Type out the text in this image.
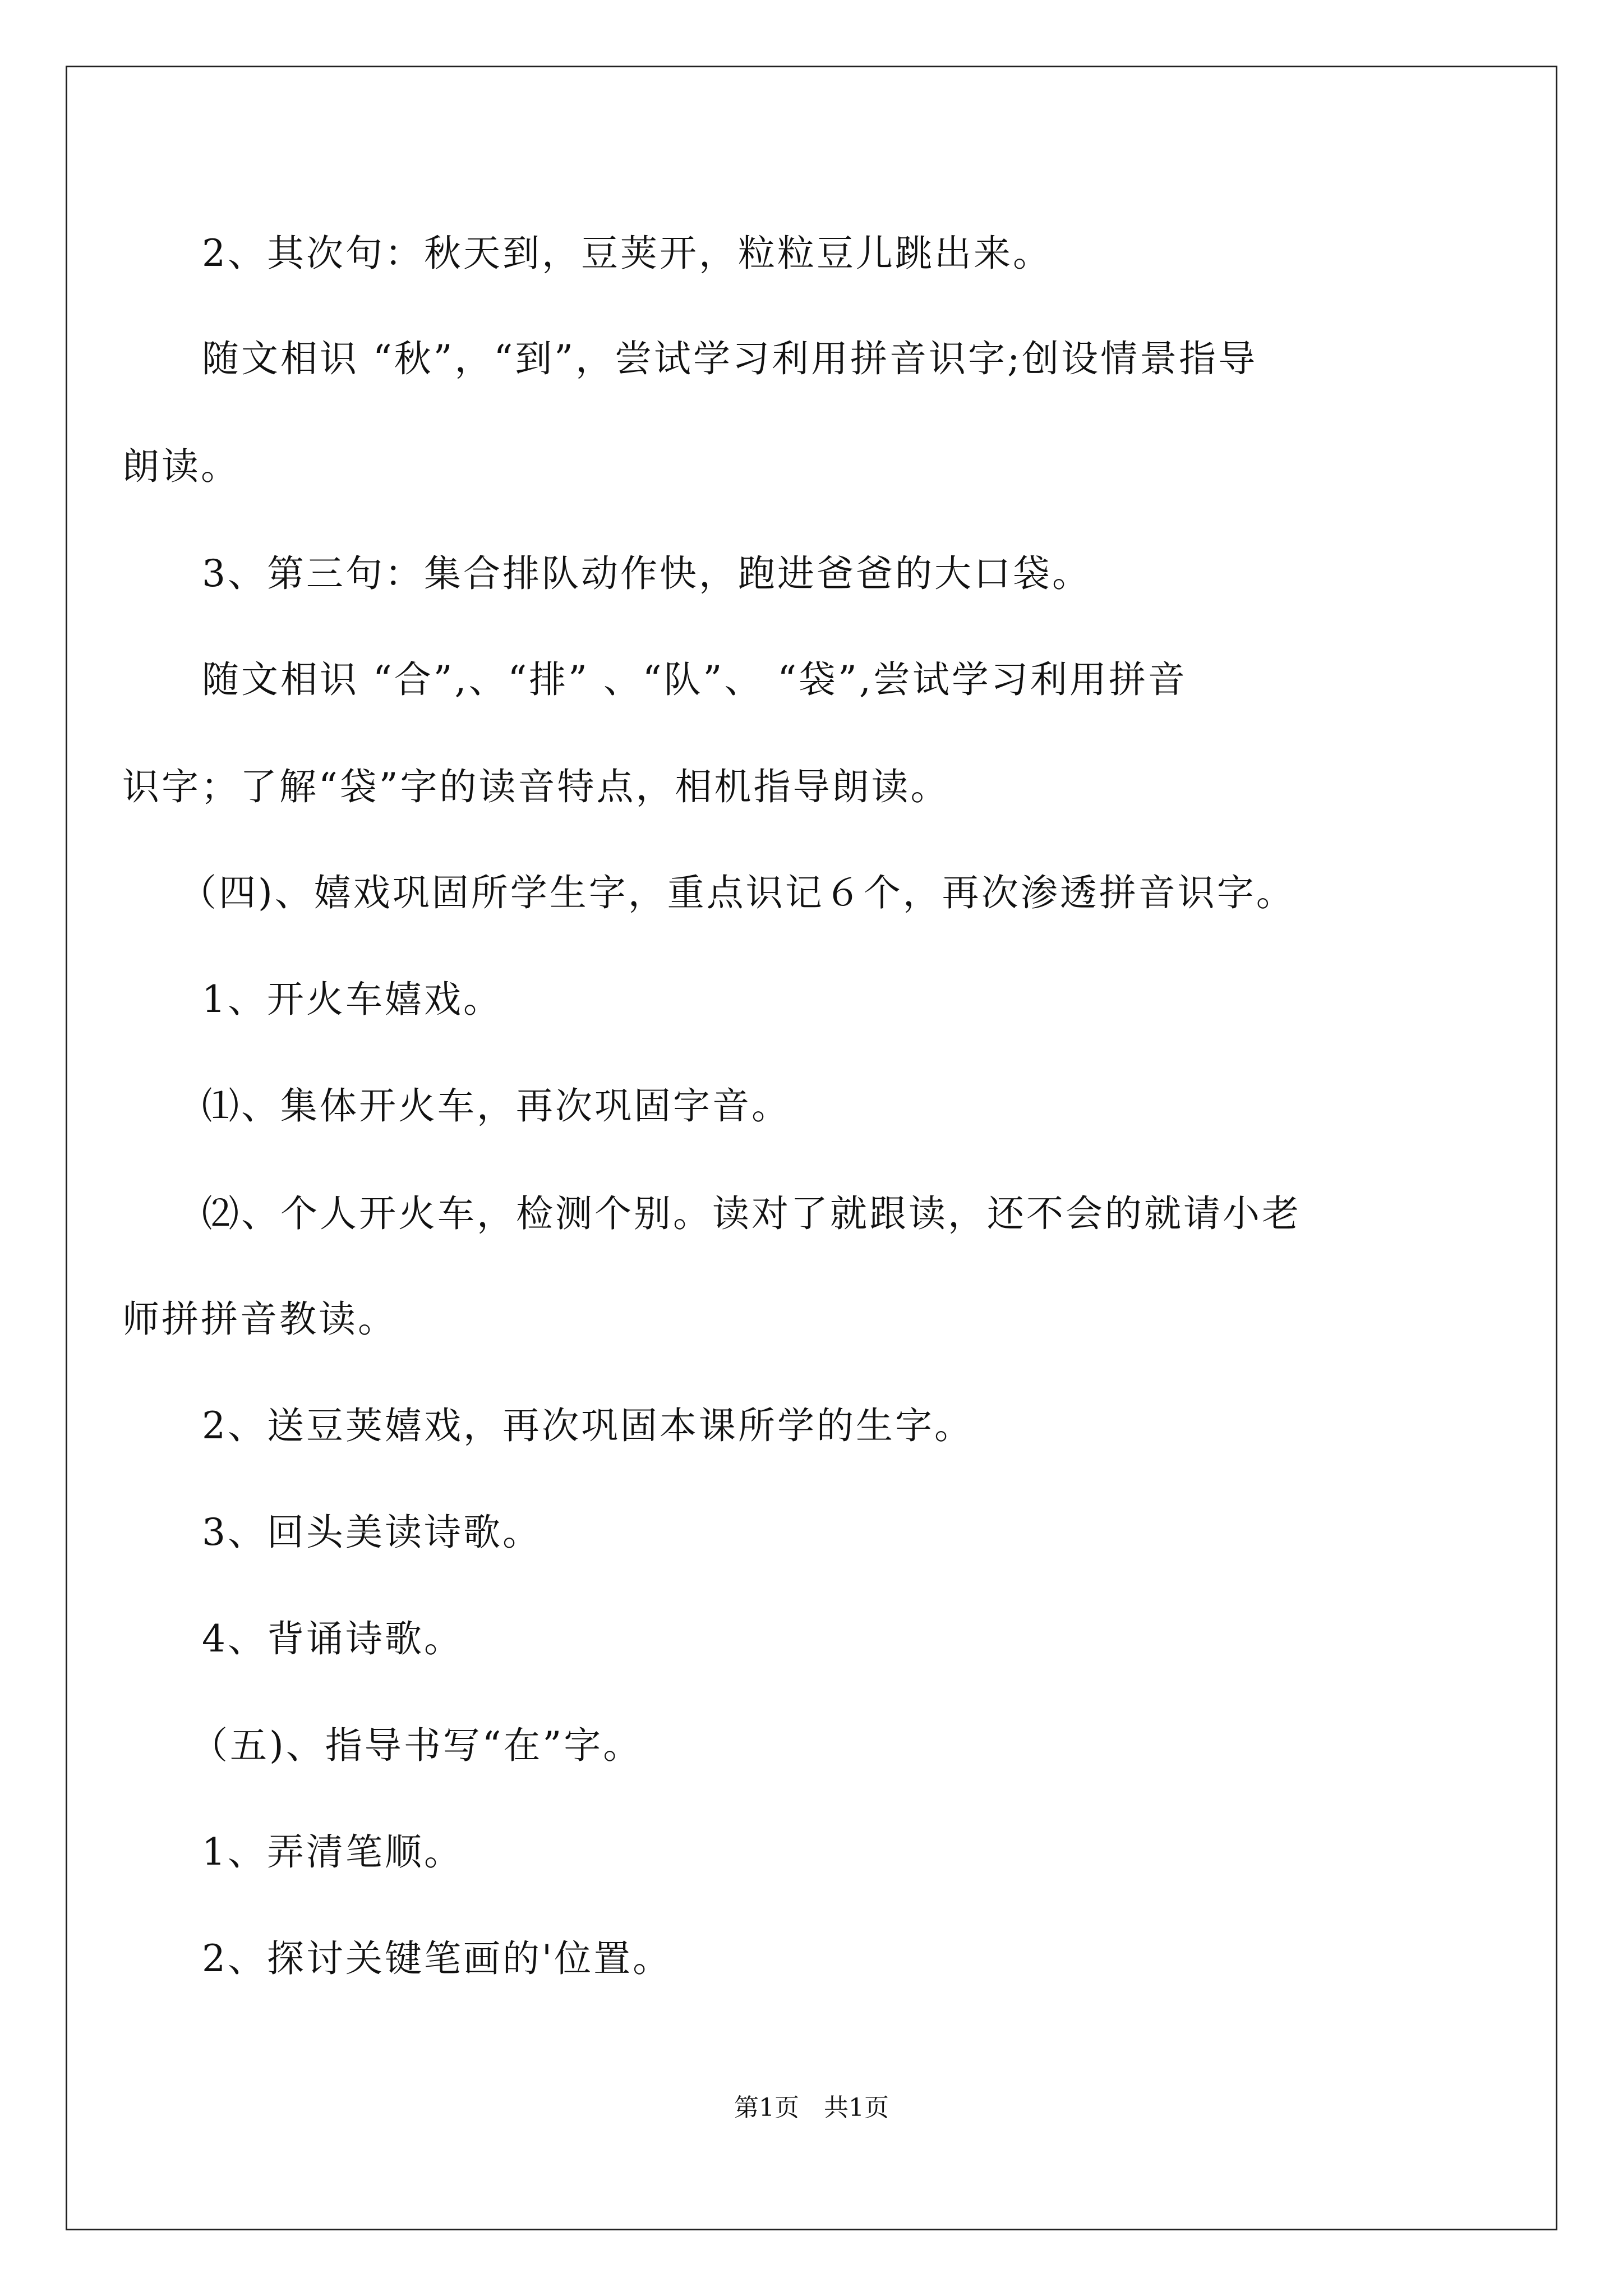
2、其次句：秋天到，豆荚开，粒粒豆儿跳出来。
随文相识 “秋”，“到”，尝试学习利用拼音识字;创设情景指导
朗读。
3、第三句：集合排队动作快，跑进爸爸的大口袋。
随文相识 “合”,、“排” 、“队”、 “袋”,尝试学习利用拼音
识字；了解“袋”字的读音特点，相机指导朗读。
（四)、嬉戏巩固所学生字，重点识记６个，再次渗透拼音识字。
1、开火车嬉戏。
⑴、集体开火车，再次巩固字音。
⑵、个人开火车，检测个别。读对了就跟读，还不会的就请小老
师拼拼音教读。
2、送豆荚嬉戏，再次巩固本课所学的生字。
3、回头美读诗歌。
4、背诵诗歌。
（五)、指导书写“在”字。
1、弄清笔顺。
2、探讨关键笔画的'位置。
第1页　共1页
